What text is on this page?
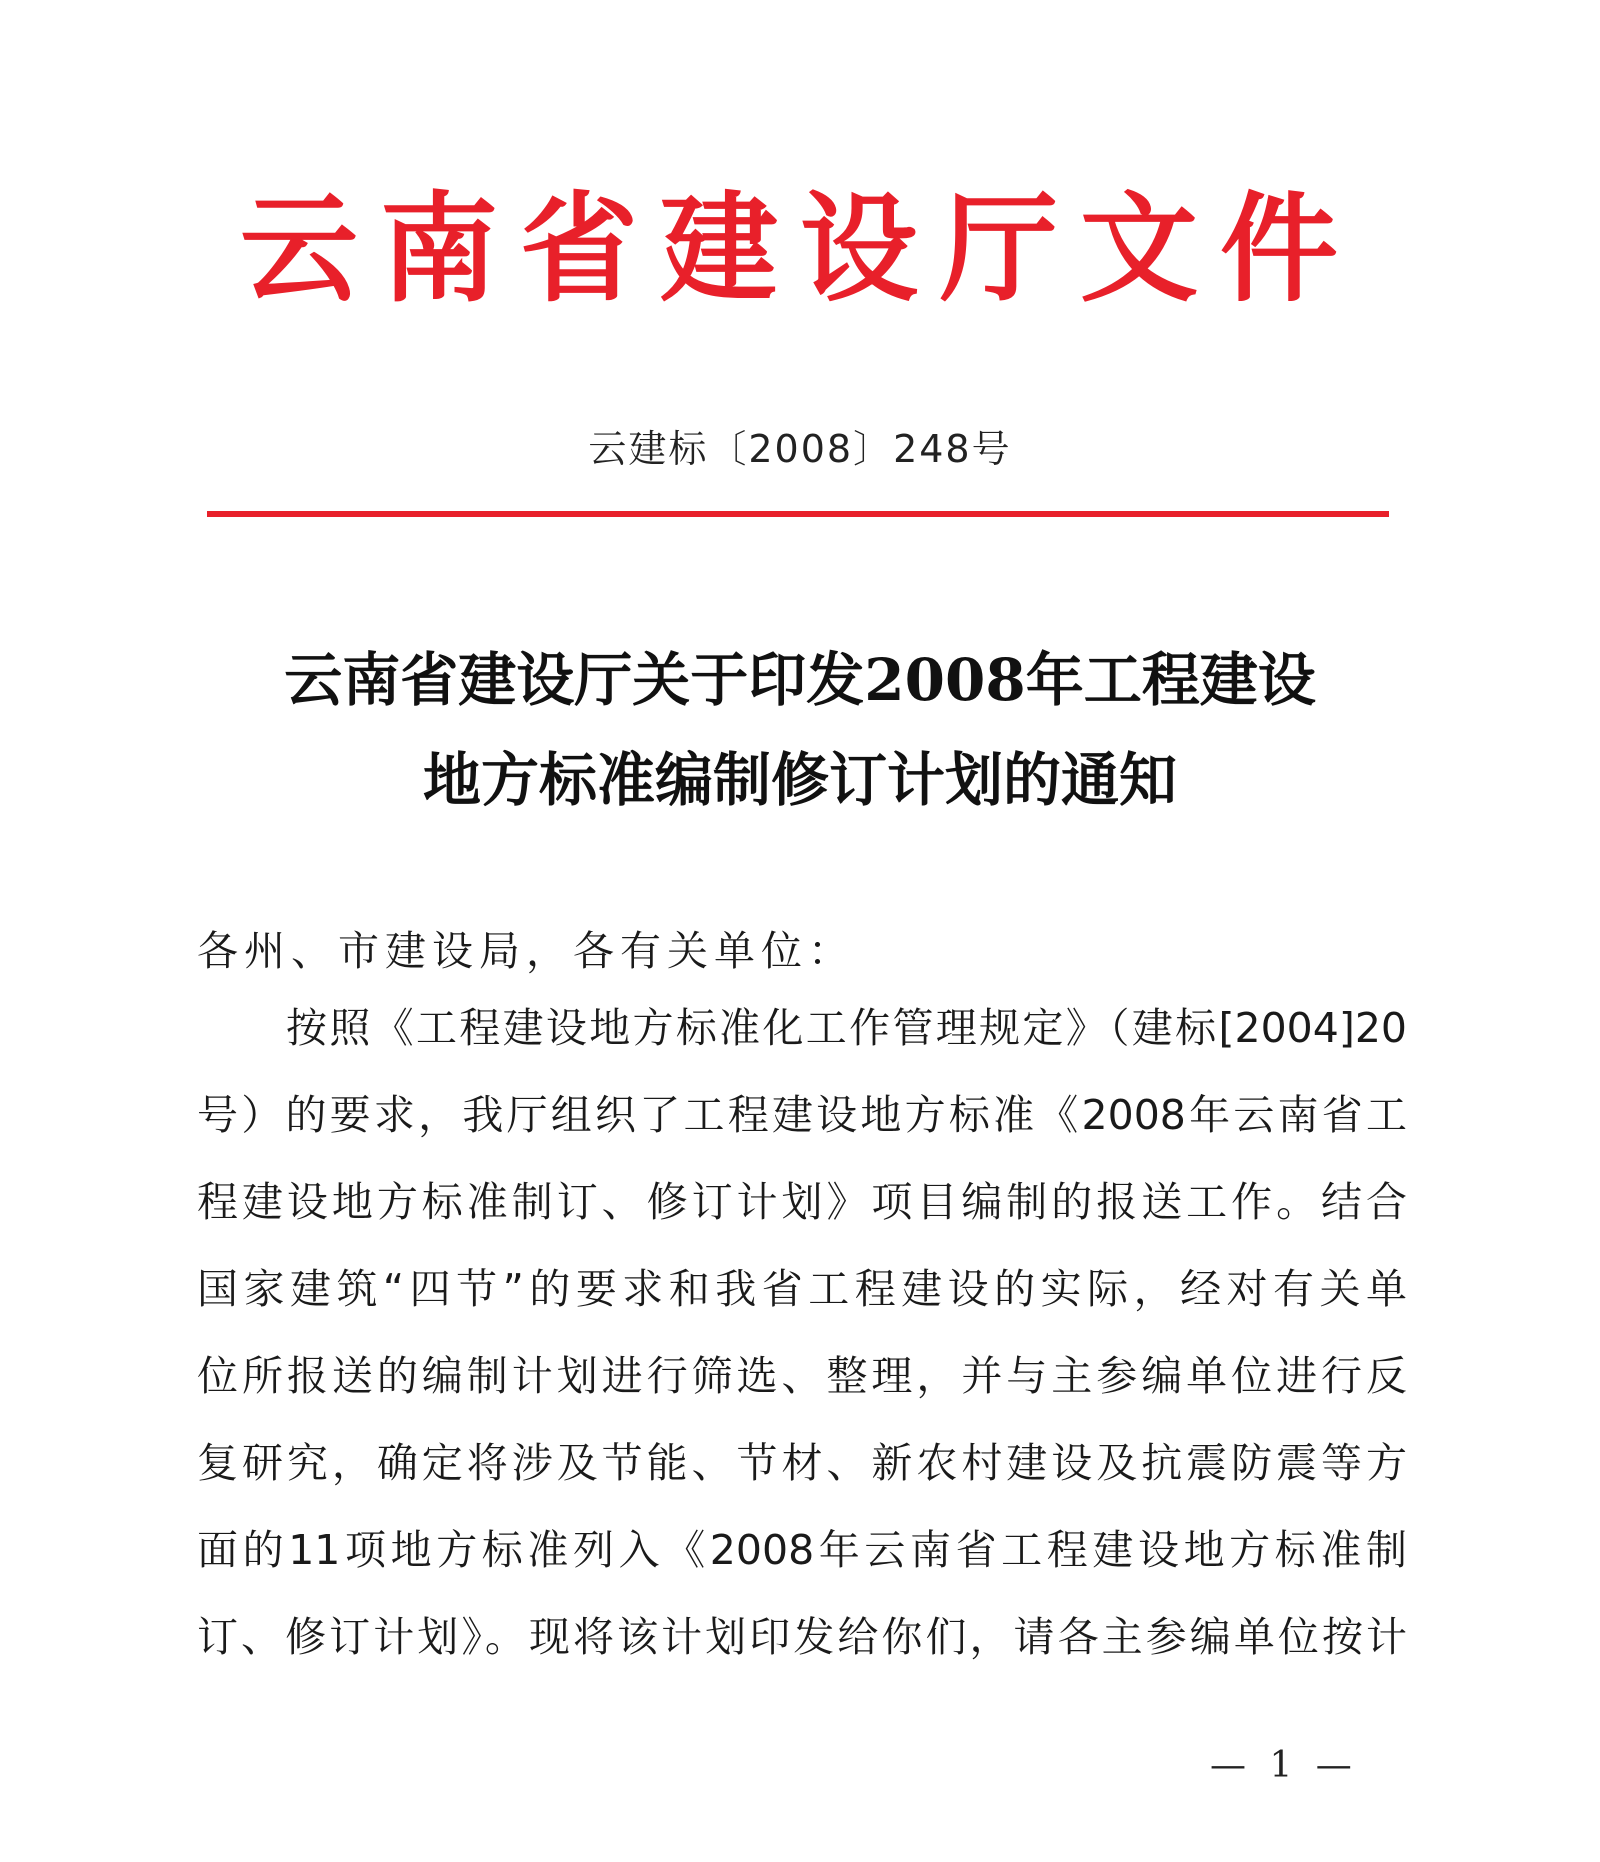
云南省建设厅文件
云建标〔2008〕248号
云南省建设厅关于印发2008年工程建设
地方标准编制修订计划的通知
各州、市建设局，各有关单位：
按照《工程建设地方标准化工作管理规定》（建标[2004]20
号）的要求，我厅组织了工程建设地方标准《2008年云南省工
程建设地方标准制订、修订计划》项目编制的报送工作。结合
国家建筑“四节”的要求和我省工程建设的实际，经对有关单
位所报送的编制计划进行筛选、整理，并与主参编单位进行反
复研究，确定将涉及节能、节材、新农村建设及抗震防震等方
面的11项地方标准列入《2008年云南省工程建设地方标准制
订、修订计划》。现将该计划印发给你们，请各主参编单位按计
— 1 —
